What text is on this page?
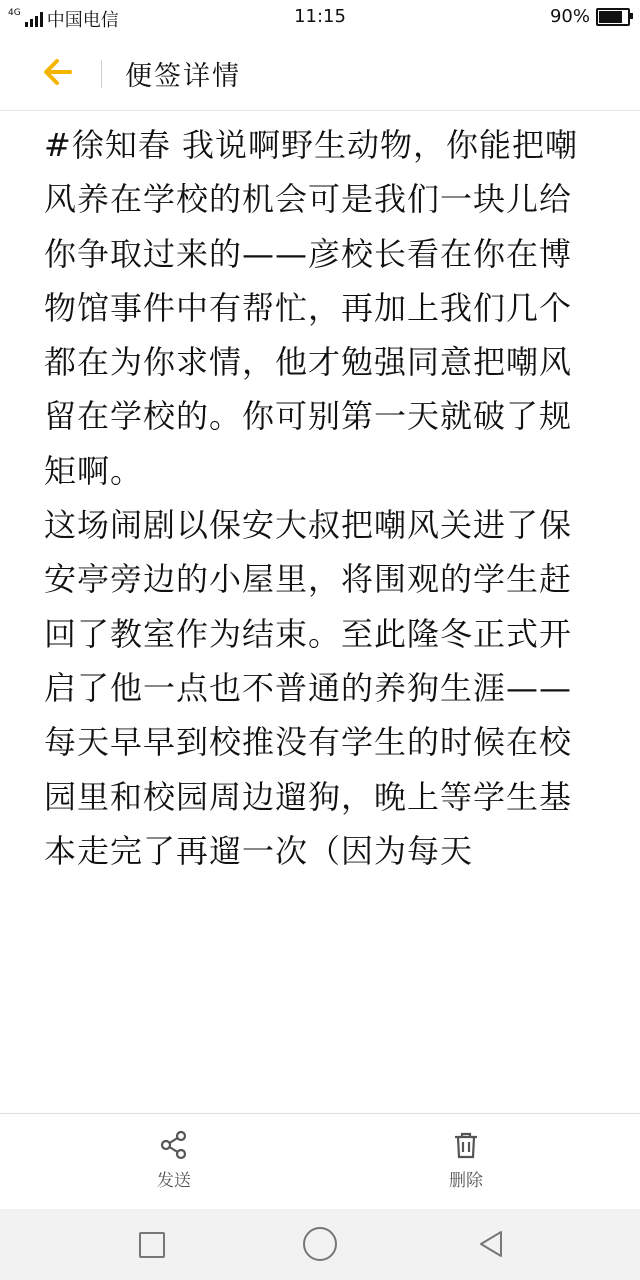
4G 中国电信	11:15	90%
便签详情
#徐知春 我说啊野生动物，你能把嘲风养在学校的机会可是我们一块儿给你争取过来的——彦校长看在你在博物馆事件中有帮忙，再加上我们几个都在为你求情，他才勉强同意把嘲风留在学校的。你可别第一天就破了规矩啊。
这场闹剧以保安大叔把嘲风关进了保安亭旁边的小屋里，将围观的学生赶回了教室作为结束。至此隆冬正式开启了他一点也不普通的养狗生涯——每天早早到校推没有学生的时候在校园里和校园周边遛狗，晚上等学生基本走完了再遛一次（因为每天
发送	删除
